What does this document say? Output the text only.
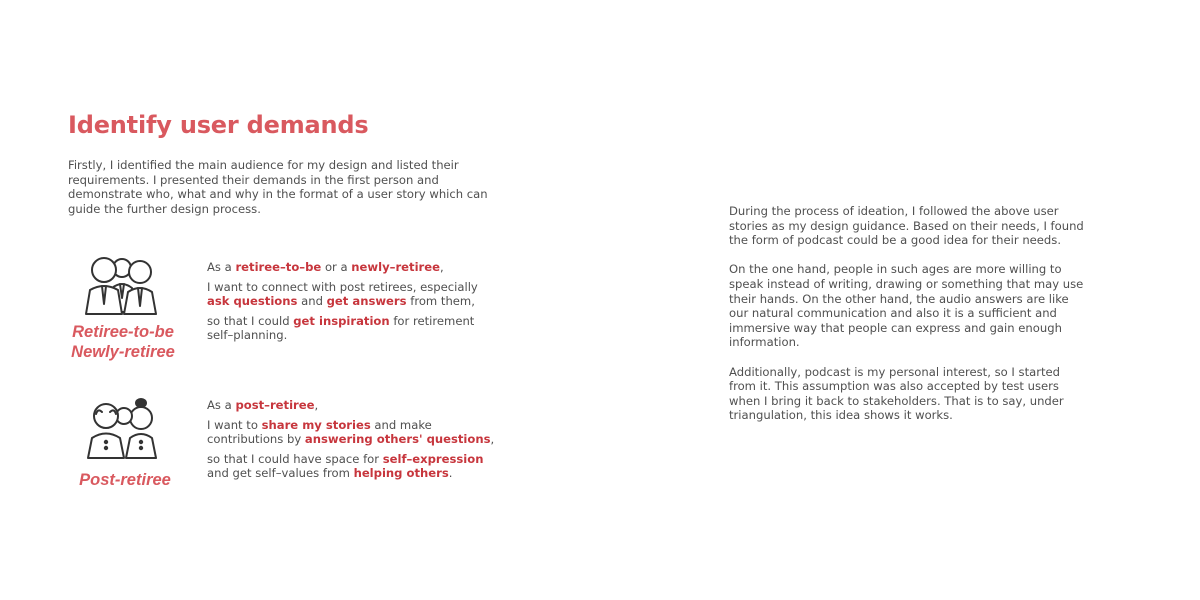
Identify user demands
Firstly, I identified the main audience for my design and listed their requirements. I presented their demands in the first person and demonstrate who, what and why in the format of a user story which can guide the further design process.
Retiree-to-be
Newly-retiree

As a retiree–to–be or a newly–retiree,

I want to connect with post retirees, especially ask questions and get answers from them,

so that I could get inspiration for retirement self–planning.

Post-retiree

As a post–retiree,

I want to share my stories and make contributions by answering others' questions,

so that I could have space for self–expression and get self–values from helping others.

During the process of ideation, I followed the above user stories as my design guidance. Based on their needs, I found the form of podcast could be a good idea for their needs.

On the one hand, people in such ages are more willing to speak instead of writing, drawing or something that may use their hands. On the other hand, the audio answers are like our natural communication and also it is a sufficient and immersive way that people can express and gain enough information.

Additionally, podcast is my personal interest, so I started from it. This assumption was also accepted by test users when I bring it back to stakeholders. That is to say, under triangulation, this idea shows it works.
